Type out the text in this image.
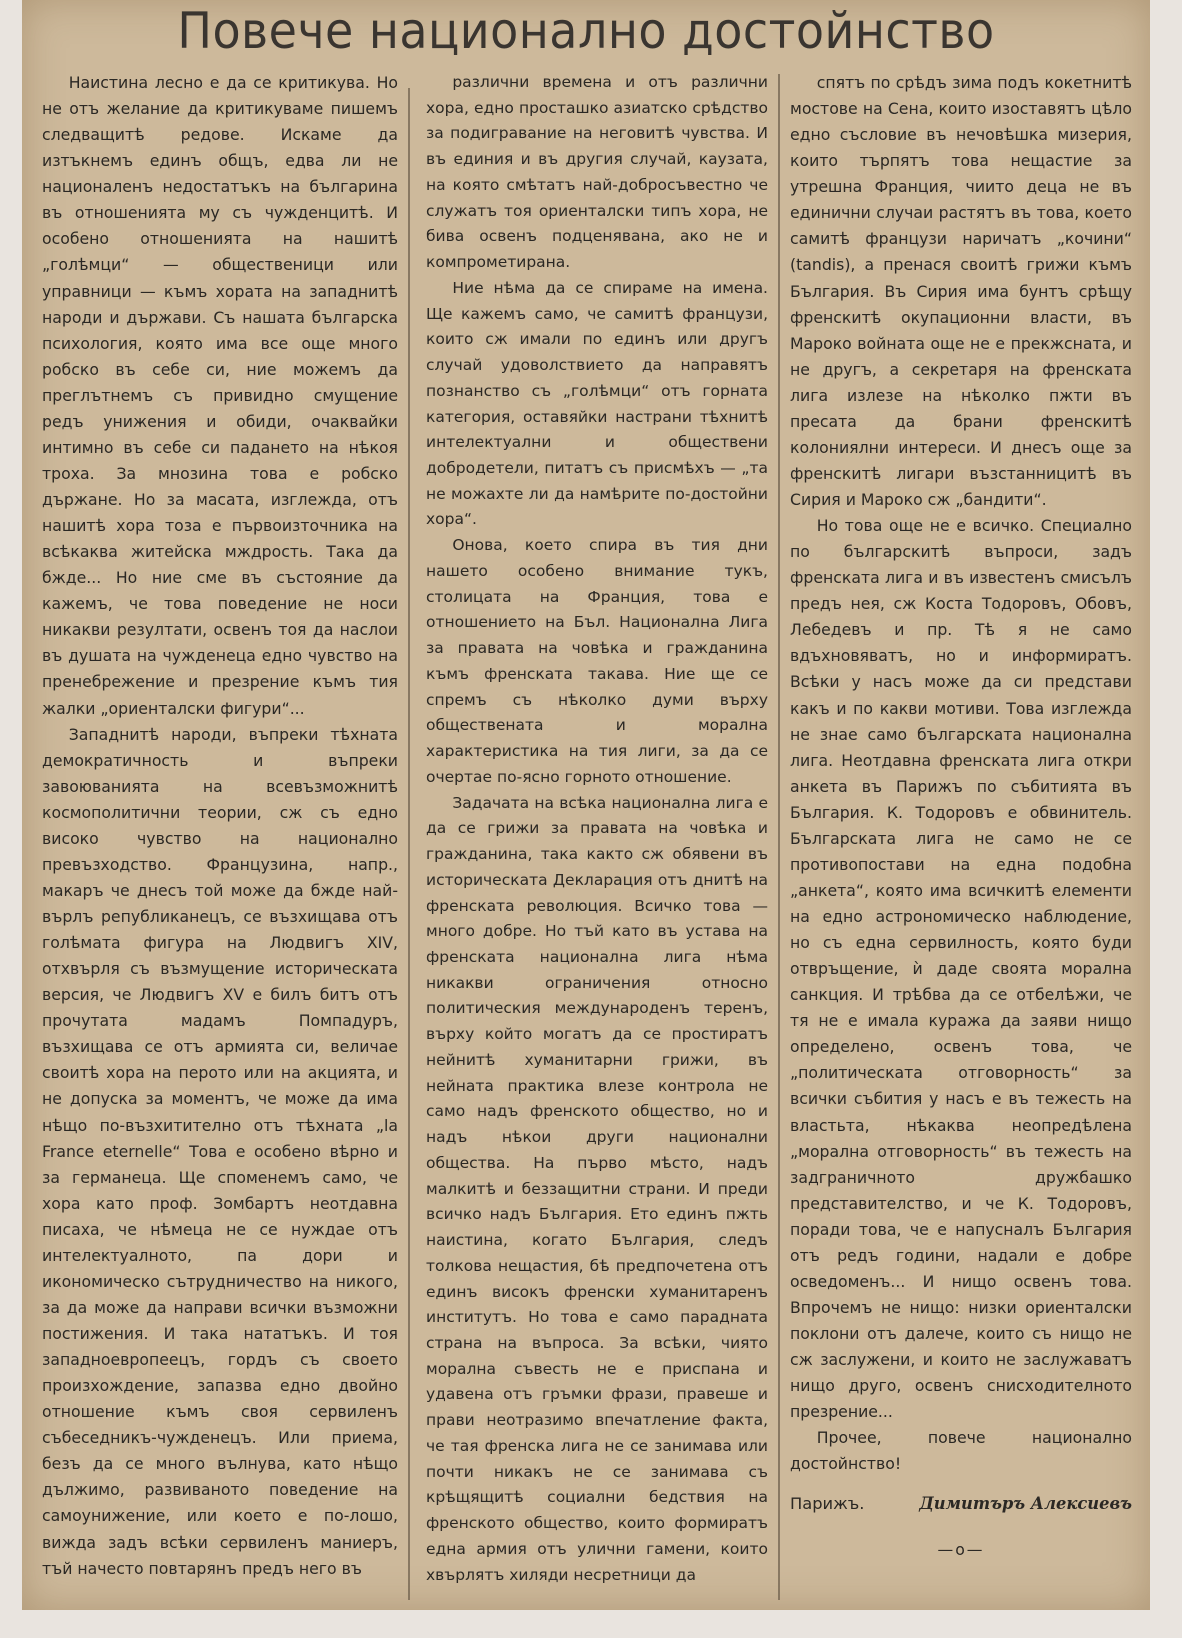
Повече национално достойнство

Наистина лесно е да се критикува. Но не отъ желание да критикуваме пишемъ следващитѣ редове. Искаме да изтъкнемъ единъ общъ, едва ли не националенъ недостатъкъ на българина въ отношенията му съ чужденцитѣ. И особено отношенията на нашитѣ „голѣмци“ — общественици или управници — къмъ хората на западнитѣ народи и държави. Съ нашата българска психология, която има все още много робско въ себе си, ние можемъ да преглътнемъ съ привидно смущение редъ унижения и обиди, очаквайки интимно въ себе си падането на нѣкоя троха. За мнозина това е робско държане. Но за масата, изглежда, отъ нашитѣ хора тоза е първоизточника на всѣкаква житейска мждрость. Така да бжде... Но ние сме въ състояние да кажемъ, че това поведение не носи никакви резултати, освенъ тоя да наслои въ душата на чужденеца едно чувство на пренебрежение и презрение къмъ тия жалки „ориенталски фигури“...

Западнитѣ народи, въпреки тѣхната демократичность и въпреки завоюванията на всевъзможнитѣ космополитични теории, сж съ едно високо чувство на национално превъзходство. Французина, напр., макаръ че днесъ той може да бжде най-върлъ републиканецъ, се възхищава отъ голѣмата фигура на Людвигъ XIV, отхвърля съ възмущение историческата версия, че Людвигъ XV е билъ битъ отъ прочутата мадамъ Помпадуръ, възхищава се отъ армията си, величае своитѣ хора на перото или на акцията, и не допуска за моментъ, че може да има нѣщо по-възхитително отъ тѣхната „la France eternelle“ Това е особено вѣрно и за германеца. Ще споменемъ само, че хора като проф. Зомбартъ неотдавна писаха, че нѣмеца не се нуждае отъ интелектуалното, па дори и икономическо сътрудничество на никого, за да може да направи всички възможни постижения. И така нататъкъ. И тоя западноевропеецъ, гордъ съ своето произхождение, запазва едно двойно отношение къмъ своя сервиленъ събеседникъ-чужденецъ. Или приема, безъ да се много вълнува, като нѣщо дължимо, развиваното поведение на самоунижение, или което е по-лошо, вижда задъ всѣки сервиленъ маниеръ, тъй начесто повтарянъ предъ него въ

различни времена и отъ различни хора, едно просташко азиатско срѣдство за подигравание на неговитѣ чувства. И въ единия и въ другия случай, каузата, на която смѣтатъ най-добросъвестно че служатъ тоя ориенталски типъ хора, не бива освенъ подценявана, ако не и компрометирана.

Ние нѣма да се спираме на имена. Ще кажемъ само, че самитѣ французи, които сж имали по единъ или другъ случай удоволствието да направятъ познанство съ „голѣмци“ отъ горната категория, оставяйки настрани тѣхнитѣ интелектуални и обществени добродетели, питатъ съ присмѣхъ — „та не можахте ли да намѣрите по-достойни хора“.

Онова, което спира въ тия дни нашето особено внимание тукъ, столицата на Франция, това е отношението на Бъл. Национална Лига за правата на човѣка и гражданина къмъ френската такава. Ние ще се спремъ съ нѣколко думи върху обществената и морална характеристика на тия лиги, за да се очертае по-ясно горното отношение.

Задачата на всѣка национална лига е да се грижи за правата на човѣка и гражданина, така както сж обявени въ историческата Декларация отъ днитѣ на френската революция. Всичко това — много добре. Но тъй като въ устава на френската национална лига нѣма никакви ограничения относно политическия международенъ теренъ, върху който могатъ да се простиратъ нейнитѣ хуманитарни грижи, въ нейната практика влезе контрола не само надъ френското общество, но и надъ нѣкои други национални общества. На първо мѣсто, надъ малкитѣ и беззащитни страни. И преди всичко надъ България. Ето единъ пжть наистина, когато България, следъ толкова нещастия, бѣ предпочетена отъ единъ високъ френски хуманитаренъ институтъ. Но това е само парадната страна на въпроса. За всѣки, чиято морална съвесть не е приспана и удавена отъ гръмки фрази, правеше и прави неотразимо впечатление факта, че тая френска лига не се занимава или почти никакъ не се занимава съ крѣщящитѣ социални бедствия на френското общество, които формиратъ една армия отъ улични гамени, които хвърлятъ хиляди несретници да

спятъ по срѣдъ зима подъ кокетнитѣ мостове на Сена, които изоставятъ цѣло едно съсловие въ нечовѣшка мизерия, които търпятъ това нещастие за утрешна Франция, чиито деца не въ единични случаи растятъ въ това, което самитѣ французи наричатъ „кочини“ (tandis), а пренася своитѣ грижи къмъ България. Въ Сирия има бунтъ срѣщу френскитѣ окупационни власти, въ Мароко войната още не е прекжсната, и не другъ, а секретаря на френската лига излезе на нѣколко пжти въ пресата да брани френскитѣ колониялни интереси. И днесъ още за френскитѣ лигари възстанницитѣ въ Сирия и Мароко сж „бандити“.

Но това още не е всичко. Специално по българскитѣ въпроси, задъ френската лига и въ известенъ смисълъ предъ нея, сж Коста Тодоровъ, Обовъ, Лебедевъ и пр. Тѣ я не само вдъхновяватъ, но и информиратъ. Всѣки у насъ може да си представи какъ и по какви мотиви. Това изглежда не знае само българската национална лига. Неотдавна френската лига откри анкета въ Парижъ по събитията въ България. К. Тодоровъ е обвинитель. Българската лига не само не се противопостави на една подобна „анкета“, която има всичкитѣ елементи на едно астрономическо наблюдение, но съ една сервилность, която буди отвръщение, ѝ даде своята морална санкция. И трѣбва да се отбелѣжи, че тя не е имала куража да заяви нищо определено, освенъ това, че „политическата отговорность“ за всички събития у насъ е въ тежесть на властьта, нѣкаква неопредѣлена „морална отговорность“ въ тежесть на задграничното дружбашко представителство, и че К. Тодоровъ, поради това, че е напусналъ България отъ редъ години, надали е добре осведоменъ... И нищо освенъ това. Впрочемъ не нищо: низки ориенталски поклони отъ далече, които съ нищо не сж заслужени, и които не заслужаватъ нищо друго, освенъ снисходителното презрение...

Прочее, повече национално достойнство!

Парижъ.	Димитъръ Алексиевъ
—o—
